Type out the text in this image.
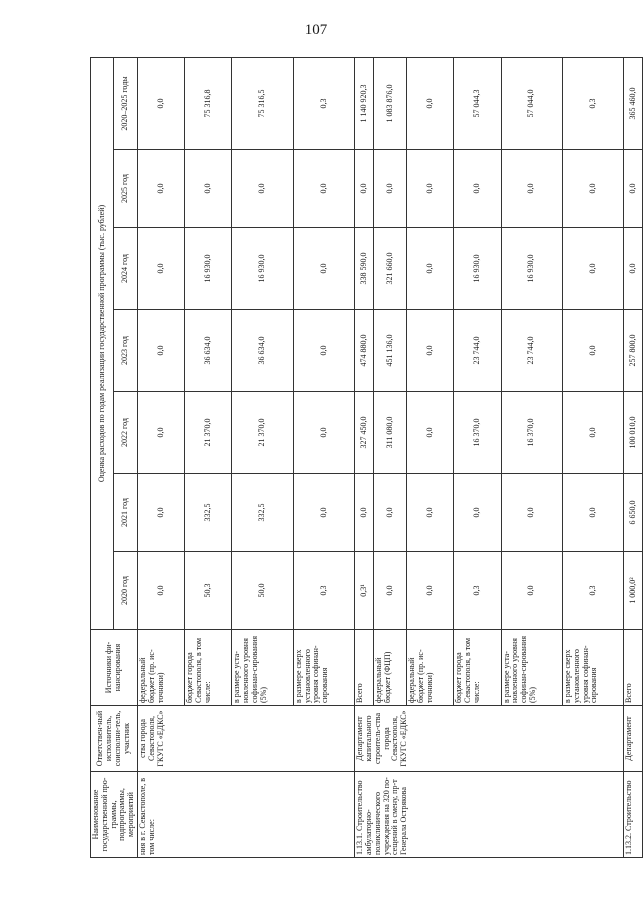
107
Наименование государственной про-граммы, подпрограммы, мероприятий	Ответствен-ный исполнитель, соисполни-тель, участник	Источники фи-нансирования	Оценка расходов по годам реализации государственной программы (тыс. рублей)						
			2020 год	2021 год	2022 год	2023 год	2024 год	2025 год	2020–2025 годы
ния в г. Севастополе, в том числе:	ства города Севастополя, ГКУГС «ЕДКС»	федеральный бюджет (пр. ис-точники)	0,0	0,0	0,0	0,0	0,0	0,0	0,0
		бюджет города Севастополя, в том числе:	50,3	332,5	21 370,0	36 634,0	16 930,0	0,0	75 316,8
		в размере уста-новленного уровня софинан-сирования (5%)	50,0	332,5	21 370,0	36 634,0	16 930,0	0,0	75 316,5
		в размере сверх установленного уровня софинан-сирования	0,3	0,0	0,0	0,0	0,0	0,0	0,3
1.13.1. Строительство амбулаторно-поликлинического учреждения на 320 по-сещений в смену, пр-т Генерала Острякова	Департамент капитального строитель-ства города Севастополя, ГКУГС «ЕДКС»	Всего	0,3¹	0,0	327 450,0	474 880,0	338 590,0	0,0	1 140 920,3
		федеральный бюджет (ФЦП)	0,0	0,0	311 080,0	451 136,0	321 660,0	0,0	1 083 876,0
		федеральный бюджет (пр. ис-точники)	0,0	0,0	0,0	0,0	0,0	0,0	0,0
		бюджет города Севастополя, в том числе:	0,3	0,0	16 370,0	23 744,0	16 930,0	0,0	57 044,3
		в размере уста-новленного уровня софинан-сирования (5%)	0,0	0,0	16 370,0	23 744,0	16 930,0	0,0	57 044,0
		в размере сверх установленного уровня софинан-сирования	0,3	0,0	0,0	0,0	0,0	0,0	0,3
1.13.2. Строительство	Департамент	Всего	1 000,0²	6 650,0	100 010,0	257 800,0	0,0	0,0	365 460,0
